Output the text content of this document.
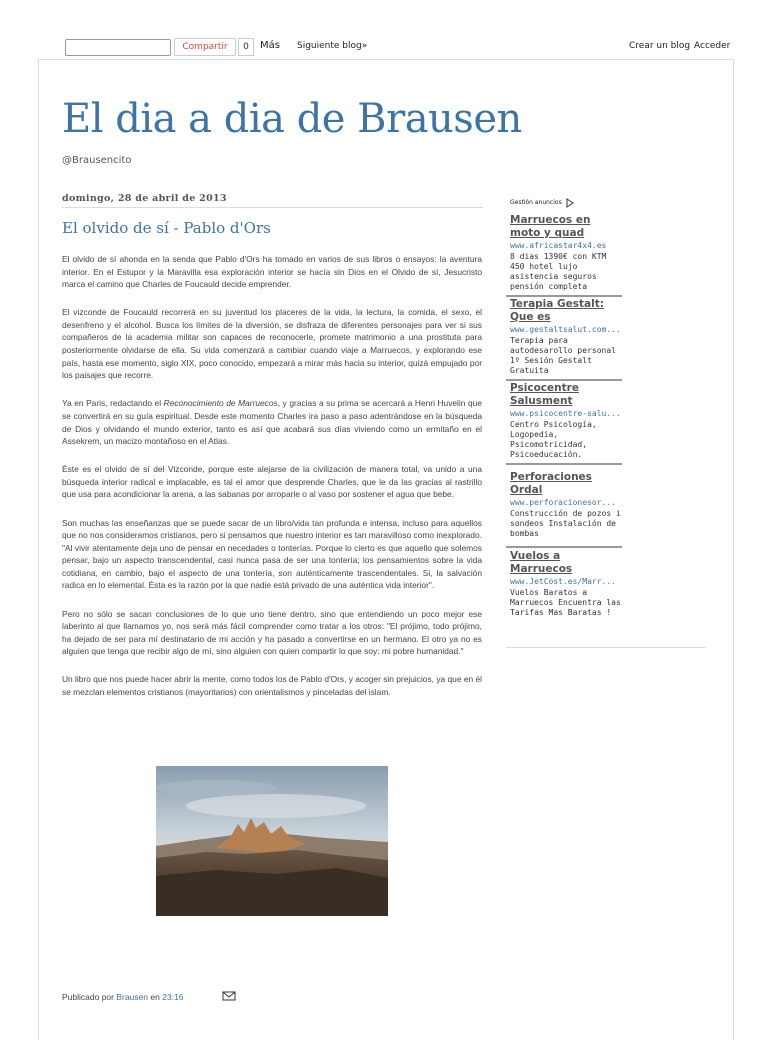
Compartir	0	Más Siguiente blog»	Crear un blog Acceder
El dia a dia de Brausen
@Brausencito
domingo, 28 de abril de 2013
El olvido de sí - Pablo d'Ors

El olvido de sí ahonda en la senda que Pablo d'Ors ha tomado en varios de sus libros o ensayos: la aventura interior. En el Estupor y la Maravilla esa exploración interior se hacía sin Dios en el Olvido de sí, Jesucristo marca el camino que Charles de Foucauld decide emprender.

El vizconde de Foucauld recorrerá en su juventud los placeres de la vida, la lectura, la comida, el sexo, el desenfreno y el alcohol. Busca los límites de la diversión, se disfraza de diferentes personajes para ver si sus compañeros de la academia militar son capaces de reconocerle, promete matrimonio a una prostituta para posteriormente olvidarse de ella. Su vida comenzará a cambiar cuando viaje a Marruecos, y explorando ese país, hasta ese momento, siglo XIX, poco conocido, empezará a mirar más hacia su interior, quizá empujado por los paisajes que recorre.

Ya en Paris, redactando el Reconocimiento de Marruecos, y gracias a su prima se acercará a Henri Huvelin que se convertirá en su guía espiritual. Desde este momento Charles ira paso a paso adentrándose en la búsqueda de Dios y olvidando el mundo exterior, tanto es así que acabará sus días viviendo como un ermitaño en el Assekrem, un macizo montañoso en el Atlas.

Éste es el olvido de sí del Vizconde, porque este alejarse de la civilización de manera total, va unido a una búsqueda interior radical e implacable, es tal el amor que desprende Charles, que le da las gracias al rastrillo que usa para acondicionar la arena, a las sabanas por arroparle o al vaso por sostener el agua que bebe.

Son muchas las enseñanzas que se puede sacar de un libro/vida tan profunda e intensa, incluso para aquellos que no nos consideramos cristianos, pero si pensamos que nuestro interior es tan maravilloso como inexplorado. "Al vivir atentamente deja uno de pensar en necedades o tonterías. Porque lo cierto es que aquello que solemos pensar, bajo un aspecto transcendental, casi nunca pasa de ser una tontería; los pensamientos sobre la vida cotidiana, en cambio, bajo el aspecto de una tontería, son auténticamente trascendentales. Si, la salvación radica en lo elemental. Ésta es la razón por la que nadie está privado de una auténtica vida interior".

Pero no sólo se sacan conclusiones de lo que uno tiene dentro, sino que entendiendo un poco mejor ese laberinto al que llamamos yo, nos será más fácil comprender como tratar a los otros: "El prójimo, todo prójimo, ha dejado de ser para mí destinatario de mi acción y ha pasado a convertirse en un hermano. El otro ya no es alguien que tenga que recibir algo de mí, sino alguien con quien compartir lo que soy: mi pobre humanidad."

Un libro que nos puede hacer abrir la mente, como todos los de Pablo d'Ors, y acoger sin prejuicios, ya que en él se mezclan elementos cristianos (mayoritarios) con orientalismos y pinceladas del islam.

Publicado por Brausen en 23:16
Gestión anuncios
Marruecos en moto y quad
www.africastar4x4.es
8 dias 1390€ con KTM 450 hotel lujo asistencia seguros pensión completa
Terapia Gestalt: Que es
www.gestaltsalut.com...
Terapia para autodesarollo personal 1º Sesión Gestalt Gratuita
Psicocentre Salusment
www.psicocentre-salu...
Centro Psicología, Logopedia, Psicomotricidad, Psicoeducación.
Perforaciones Ordal
www.perforacionesor...
Construcción de pozos i sondeos Instalación de bombas
Vuelos a Marruecos
www.JetCost.es/Marr...
Vuelos Baratos a Marruecos Encuentra las Tarifas Mas Baratas !
